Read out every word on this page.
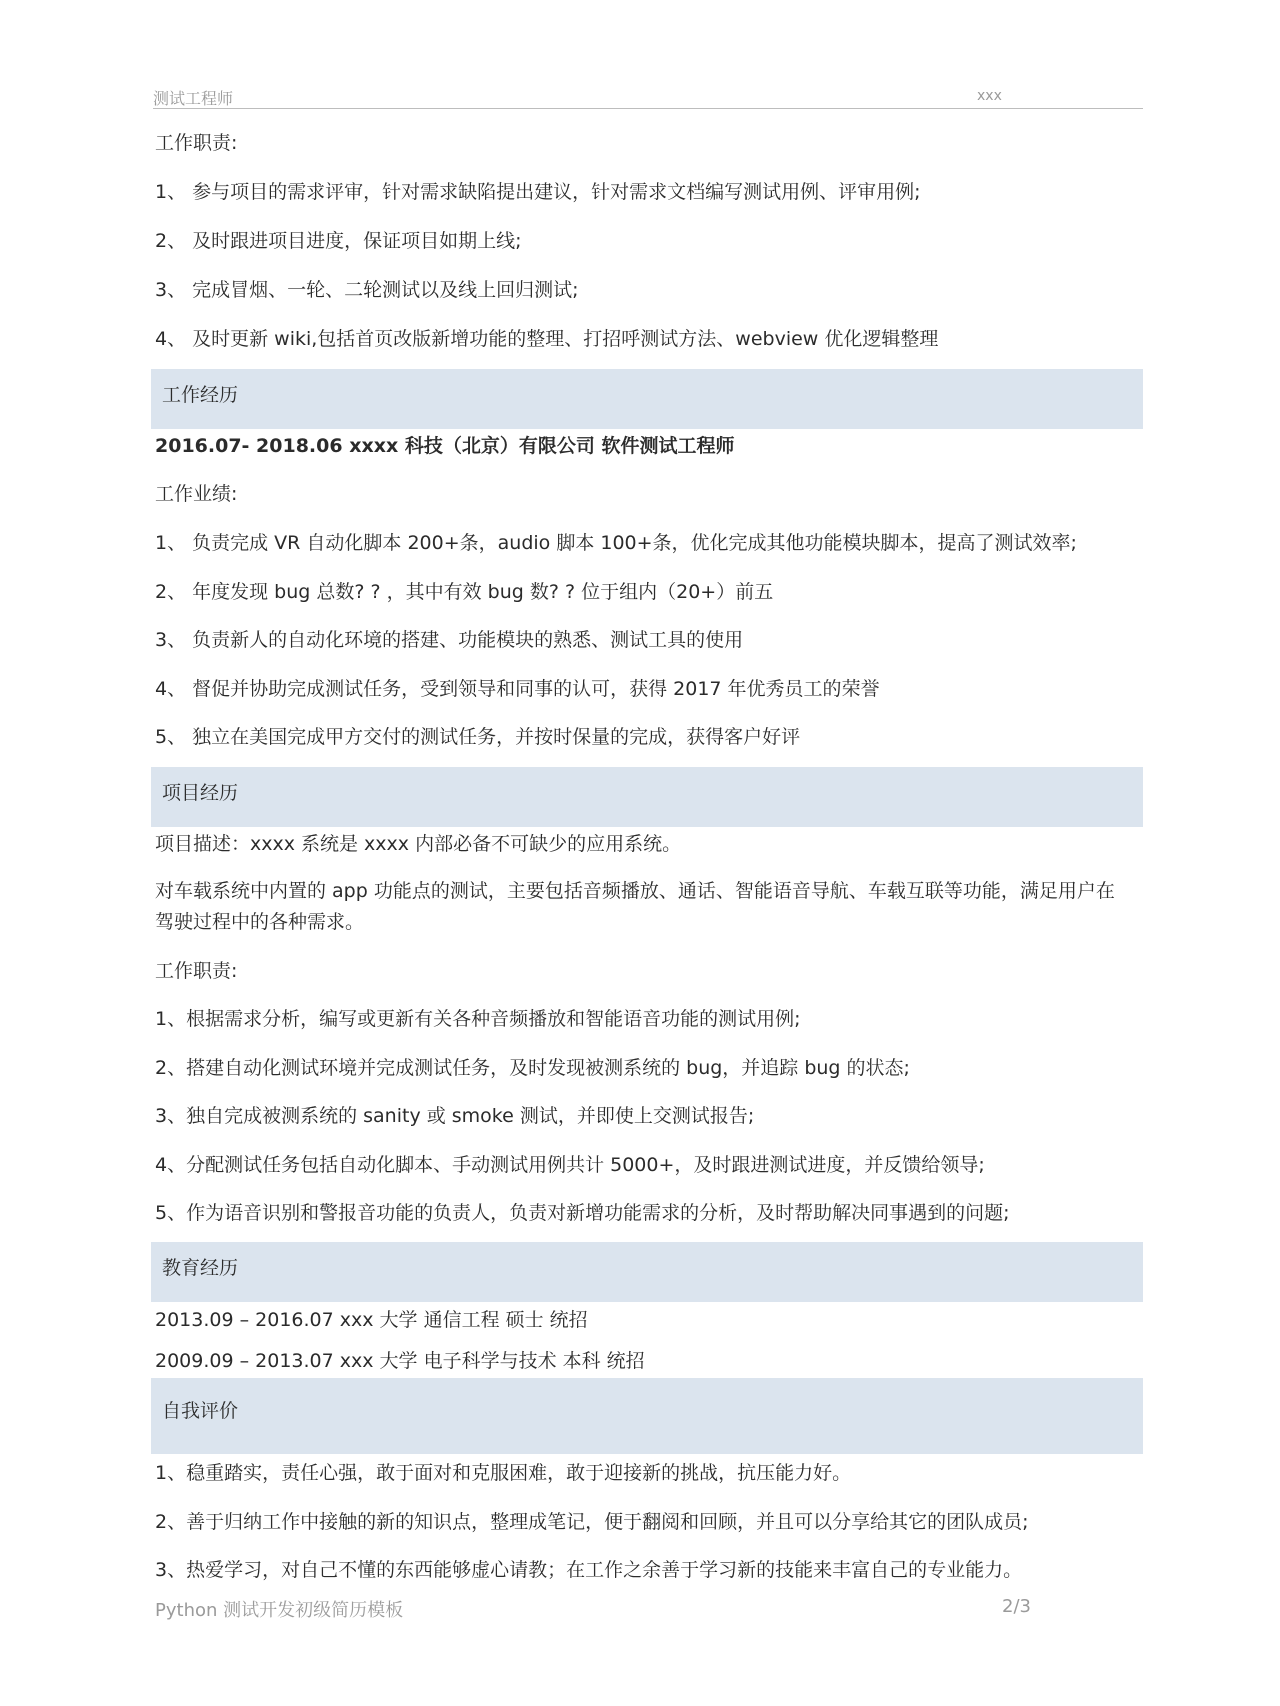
测试工程师	xxx
工作职责:
1、 参与项目的需求评审，针对需求缺陷提出建议，针对需求文档编写测试用例、评审用例;
2、 及时跟进项目进度，保证项目如期上线;
3、 完成冒烟、一轮、二轮测试以及线上回归测试;
4、 及时更新 wiki,包括首页改版新增功能的整理、打招呼测试方法、webview 优化逻辑整理
工作经历
2016.07- 2018.06 xxxx 科技（北京）有限公司 软件测试工程师
工作业绩:
1、 负责完成 VR 自动化脚本 200+条，audio 脚本 100+条，优化完成其他功能模块脚本，提高了测试效率;
2、 年度发现 bug 总数? ? ，其中有效 bug 数? ? 位于组内（20+）前五
3、 负责新人的自动化环境的搭建、功能模块的熟悉、测试工具的使用
4、 督促并协助完成测试任务，受到领导和同事的认可，获得 2017 年优秀员工的荣誉
5、 独立在美国完成甲方交付的测试任务，并按时保量的完成，获得客户好评
项目经历
项目描述：xxxx 系统是 xxxx 内部必备不可缺少的应用系统。
对车载系统中内置的 app 功能点的测试，主要包括音频播放、通话、智能语音导航、车载互联等功能，满足用户在驾驶过程中的各种需求。
工作职责:
1、根据需求分析，编写或更新有关各种音频播放和智能语音功能的测试用例;
2、搭建自动化测试环境并完成测试任务，及时发现被测系统的 bug，并追踪 bug 的状态;
3、独自完成被测系统的 sanity 或 smoke 测试，并即使上交测试报告;
4、分配测试任务包括自动化脚本、手动测试用例共计 5000+，及时跟进测试进度，并反馈给领导;
5、作为语音识别和警报音功能的负责人，负责对新增功能需求的分析，及时帮助解决同事遇到的问题;
教育经历
2013.09 – 2016.07 xxx 大学 通信工程 硕士 统招
2009.09 – 2013.07 xxx 大学 电子科学与技术 本科 统招
自我评价
1、稳重踏实，责任心强，敢于面对和克服困难，敢于迎接新的挑战，抗压能力好。
2、善于归纳工作中接触的新的知识点，整理成笔记，便于翻阅和回顾，并且可以分享给其它的团队成员;
3、热爱学习，对自己不懂的东西能够虚心请教；在工作之余善于学习新的技能来丰富自己的专业能力。
Python 测试开发初级简历模板	2/3
